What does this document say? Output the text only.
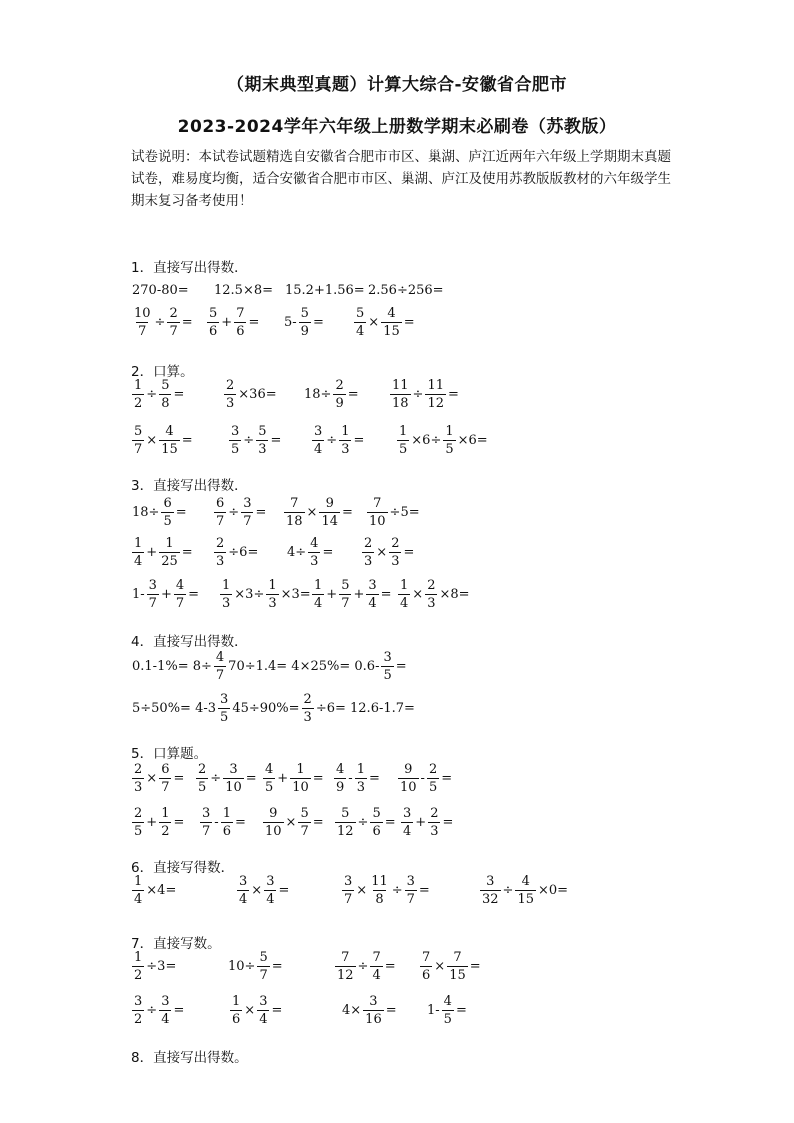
（期末典型真题）计算大综合-安徽省合肥市
2023-2024学年六年级上册数学期末必刷卷（苏教版）
试卷说明：本试卷试题精选自安徽省合肥市市区、巢湖、庐江近两年六年级上学期期末真题试卷，难易度均衡，适合安徽省合肥市市区、巢湖、庐江及使用苏教版版教材的六年级学生期末复习备考使用！
1．直接写出得数．
270-80= 12.5×8= 15.2+1.56= 2.56÷256=
$\frac{10}{7} \div \frac{2}{7} = \frac{5}{6} + \frac{7}{6} = 5- \frac{5}{9} = \frac{5}{4} \times \frac{4}{15}$ =
2．口算。
$\frac{1}{2} \div \frac{5}{8}$ =	$\frac{2}{3} \times 36= 18\div \frac{2}{9} = \frac{11}{18} \div \frac{11}{12}$ =
$\frac{5}{7} \times \frac{4}{15}$ =	$\frac{3}{5} \div \frac{5}{3} = \frac{3}{4} \div \frac{1}{3}$ =	$\frac{1}{5} \times 6\div \frac{1}{5} \times 6=$
3．直接写出得数．
$18\div \frac{6}{5} = \frac{6}{7} \div \frac{3}{7} = \frac{7}{18} \times \frac{9}{14} = \frac{7}{10} \div 5=$
$\frac{1}{4} + \frac{1}{25} = \frac{2}{3} \div 6= 4\div \frac{4}{3} = \frac{2}{3} \times \frac{2}{3}$ =
$1- \frac{3}{7} + \frac{4}{7} = \frac{1}{3} \times 3\div \frac{1}{3} \times 3= \frac{1}{4} + \frac{5}{7} + \frac{3}{4} = \frac{1}{4} \times \frac{2}{3} \times 8=$
4．直接写出得数．
$0.1-1\%= 8\div \frac{4}{7} 70\div 1.4= 4\times 25\%= 0.6- \frac{3}{5}$ =
$5\div 50\%= 4-3 \frac{3}{5} 45\div 90\%= \frac{2}{3} \div 6= 12.6-1.7=$
5．口算题。
$\frac{2}{3} \times \frac{6}{7} = \frac{2}{5} \div \frac{3}{10} = \frac{4}{5} + \frac{1}{10} = \frac{4}{9} - \frac{1}{3} = \frac{9}{10} - \frac{2}{5}$ =
$\frac{2}{5} + \frac{1}{2} = \frac{3}{7} - \frac{1}{6} = \frac{9}{10} \times \frac{5}{7} = \frac{5}{12} \div \frac{5}{6} = \frac{3}{4} + \frac{2}{3}$ =
6．直接写得数．
$\frac{1}{4} \times 4=$	$\frac{3}{4} \times \frac{3}{4}$ =	$\frac{3}{7} \times \frac{11}{8} \div \frac{3}{7}$ =	$\frac{3}{32} \div \frac{4}{15} \times 0=$
7．直接写数。
$\frac{1}{2} \div 3=$	$10\div \frac{5}{7}$ =	$\frac{7}{12} \div \frac{7}{4} = \frac{7}{6} \times \frac{7}{15}$ =
$\frac{3}{2} \div \frac{3}{4}$ =	$\frac{1}{6} \times \frac{3}{4}$ =	$4\times \frac{3}{16} = 1- \frac{4}{5}$ =
8．直接写出得数。
